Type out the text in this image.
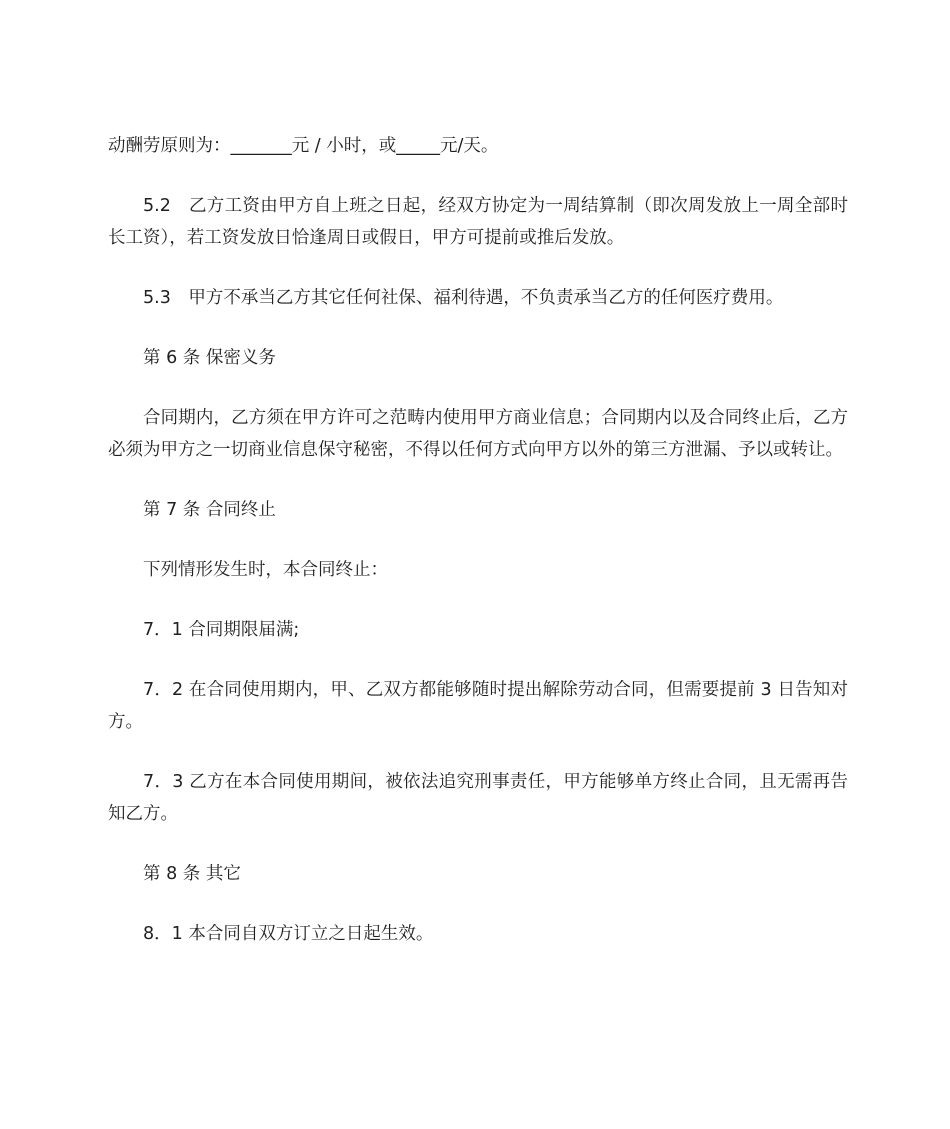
动酬劳原则为：_______元 / 小时，或_____元/天。

5.2　乙方工资由甲方自上班之日起，经双方协定为一周结算制（即次周发放上一周全部时长工资），若工资发放日恰逢周日或假日，甲方可提前或推后发放。

5.3　甲方不承当乙方其它任何社保、福利待遇，不负责承当乙方的任何医疗费用。

第 6 条 保密义务

合同期内，乙方须在甲方许可之范畴内使用甲方商业信息；合同期内以及合同终止后，乙方必须为甲方之一切商业信息保守秘密，不得以任何方式向甲方以外的第三方泄漏、予以或转让。

第 7 条 合同终止

下列情形发生时，本合同终止：

7．1 合同期限届满;

7．2 在合同使用期内，甲、乙双方都能够随时提出解除劳动合同，但需要提前 3 日告知对方。

7．3 乙方在本合同使用期间，被依法追究刑事责任，甲方能够单方终止合同，且无需再告知乙方。

第 8 条 其它

8．1 本合同自双方订立之日起生效。
